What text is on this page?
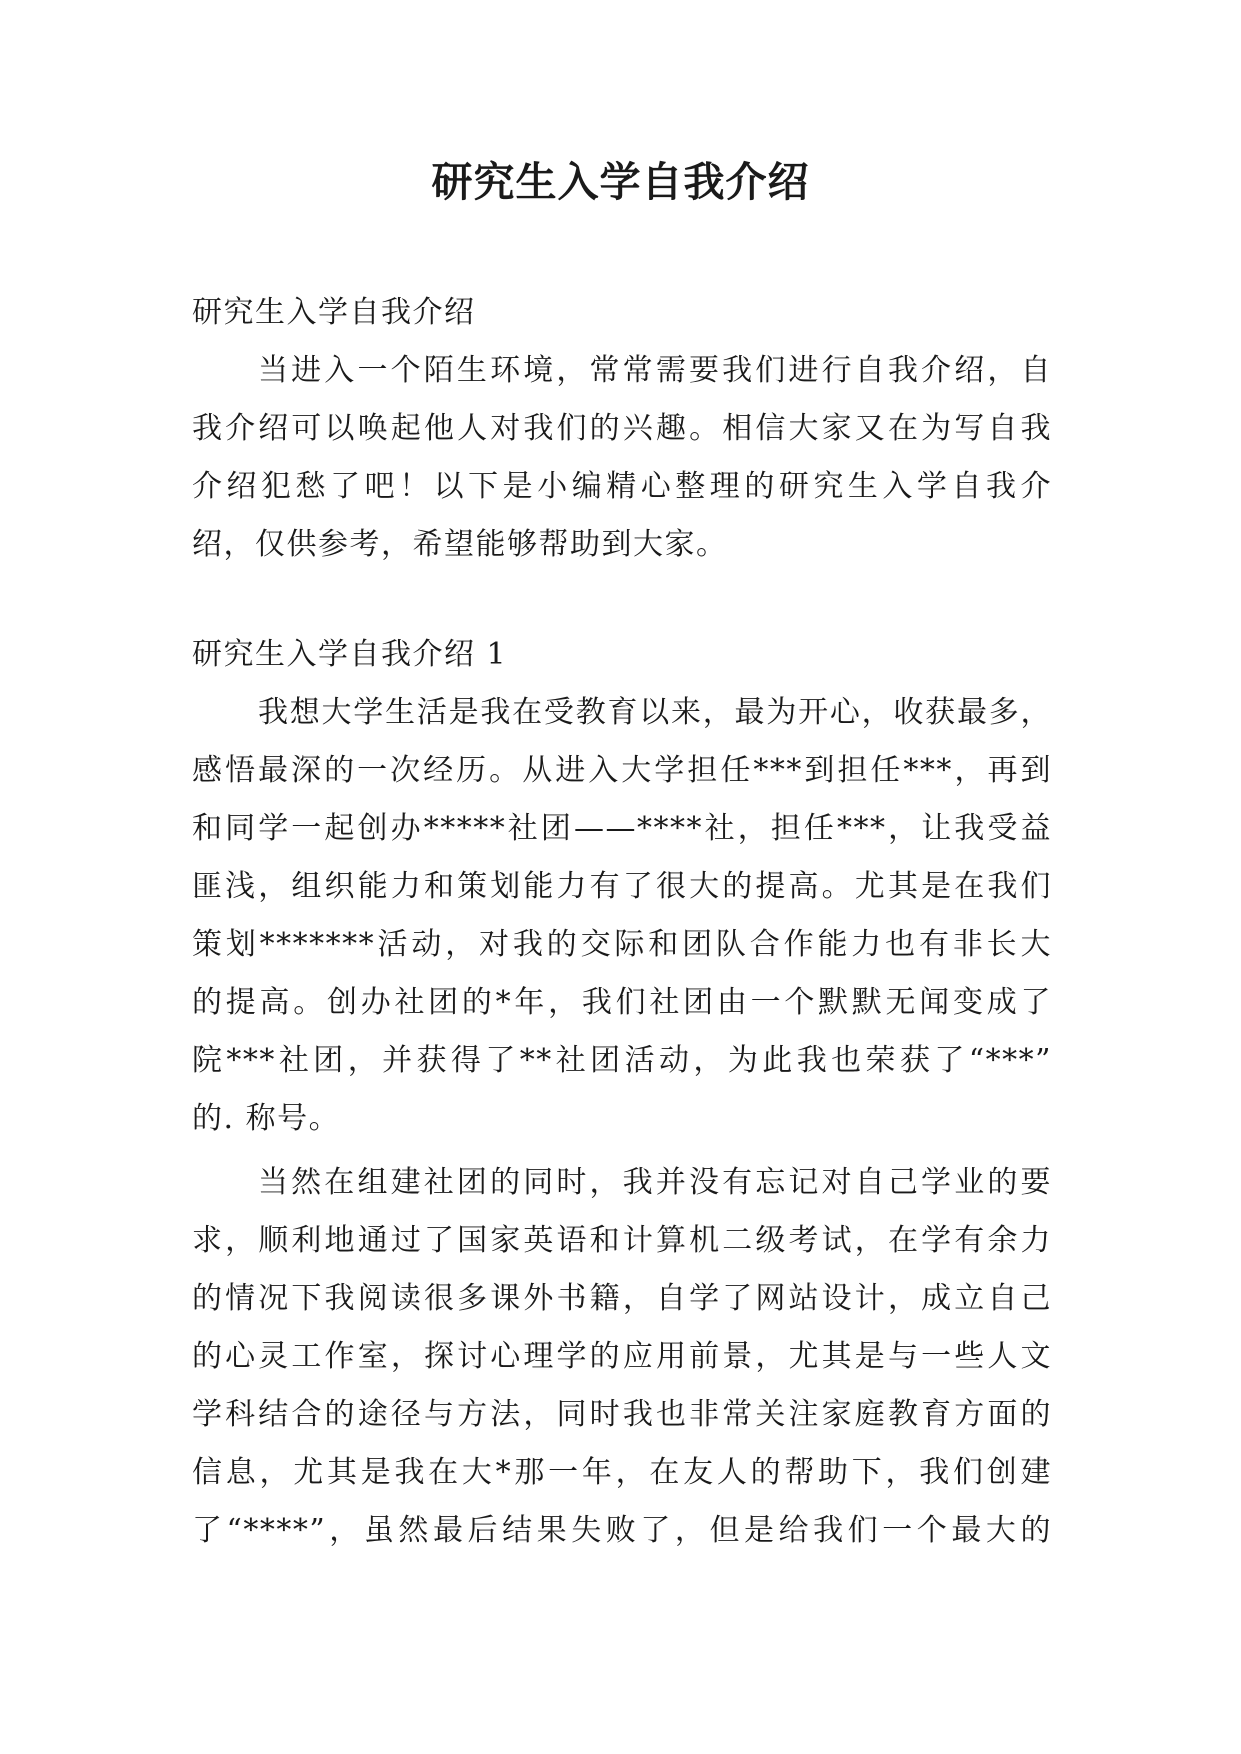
研究生入学自我介绍
研究生入学自我介绍
当进入一个陌生环境，常常需要我们进行自我介绍，自
我介绍可以唤起他人对我们的兴趣。相信大家又在为写自我
介绍犯愁了吧！以下是小编精心整理的研究生入学自我介
绍，仅供参考，希望能够帮助到大家。
研究生入学自我介绍 1
我想大学生活是我在受教育以来，最为开心，收获最多，
感悟最深的一次经历。从进入大学担任***到担任***，再到
和同学一起创办*****社团——****社，担任***，让我受益
匪浅，组织能力和策划能力有了很大的提高。尤其是在我们
策划*******活动，对我的交际和团队合作能力也有非长大
的提高。创办社团的*年，我们社团由一个默默无闻变成了
院***社团，并获得了**社团活动，为此我也荣获了“***”
的. 称号。
当然在组建社团的同时，我并没有忘记对自己学业的要
求，顺利地通过了国家英语和计算机二级考试，在学有余力
的情况下我阅读很多课外书籍，自学了网站设计，成立自己
的心灵工作室，探讨心理学的应用前景，尤其是与一些人文
学科结合的途径与方法，同时我也非常关注家庭教育方面的
信息，尤其是我在大*那一年，在友人的帮助下，我们创建
了“****”，虽然最后结果失败了，但是给我们一个最大的
